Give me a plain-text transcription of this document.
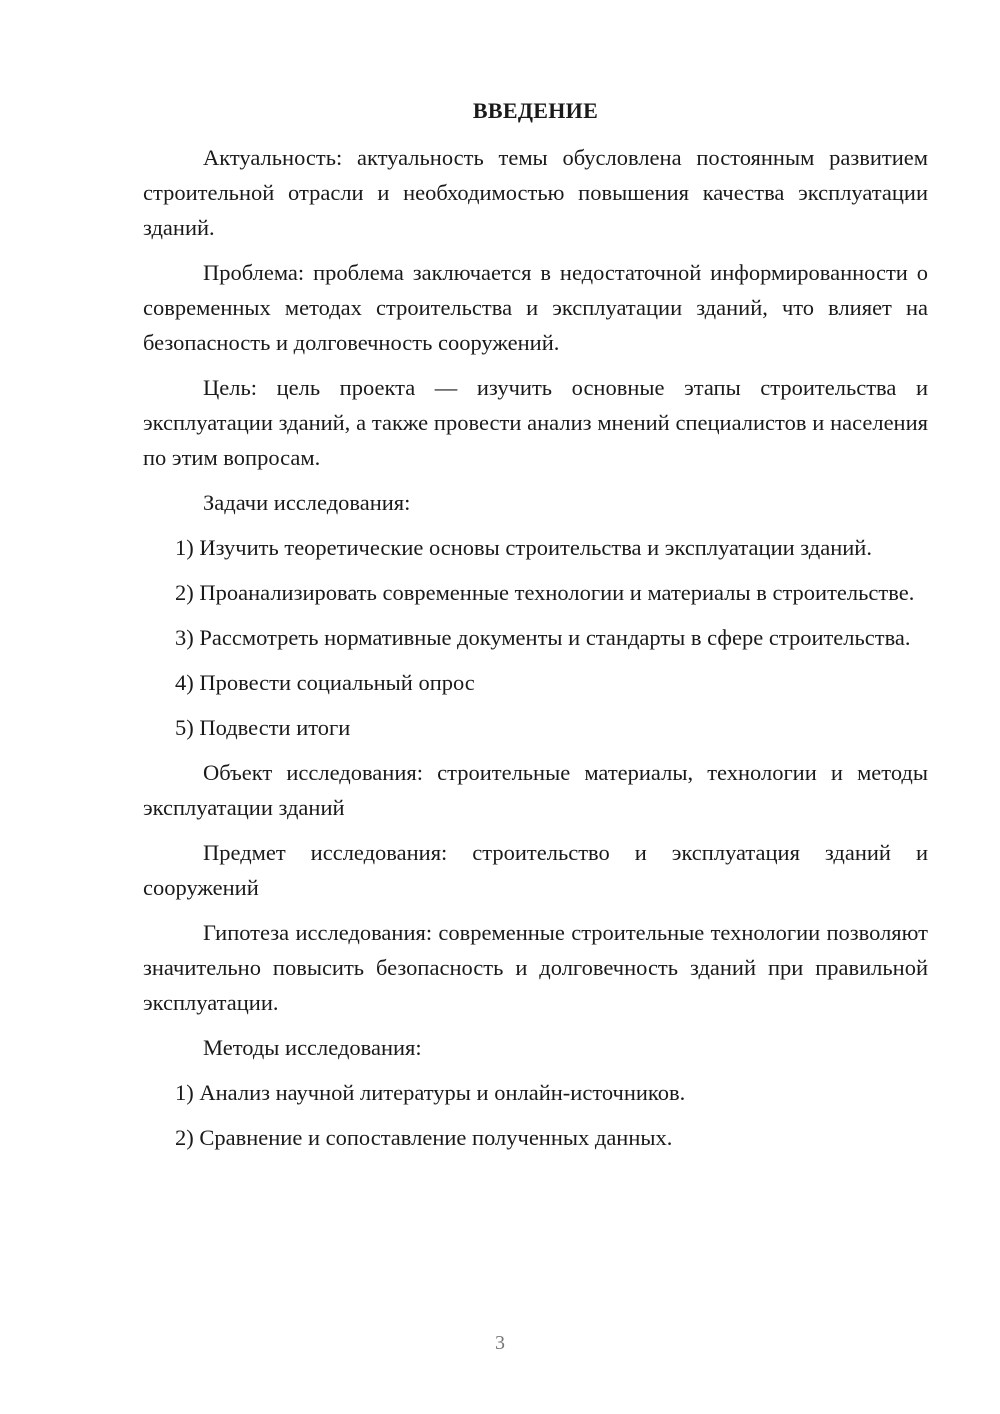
ВВЕДЕНИЕ

Актуальность: актуальность темы обусловлена постоянным развитием строительной отрасли и необходимостью повышения качества эксплуатации зданий.

Проблема: проблема заключается в недостаточной информированности о современных методах строительства и эксплуатации зданий, что влияет на безопасность и долговечность сооружений.

Цель: цель проекта — изучить основные этапы строительства и эксплуатации зданий, а также провести анализ мнений специалистов и населения по этим вопросам.

Задачи исследования:

1) Изучить теоретические основы строительства и эксплуатации зданий.

2) Проанализировать современные технологии и материалы в строительстве.

3) Рассмотреть нормативные документы и стандарты в сфере строительства.

4) Провести социальный опрос

5) Подвести итоги

Объект исследования: строительные материалы, технологии и методы эксплуатации зданий

Предмет исследования: строительство и эксплуатация зданий и сооружений

Гипотеза исследования: современные строительные технологии позволяют значительно повысить безопасность и долговечность зданий при правильной эксплуатации.

Методы исследования:

1) Анализ научной литературы и онлайн-источников.

2) Сравнение и сопоставление полученных данных.

3
